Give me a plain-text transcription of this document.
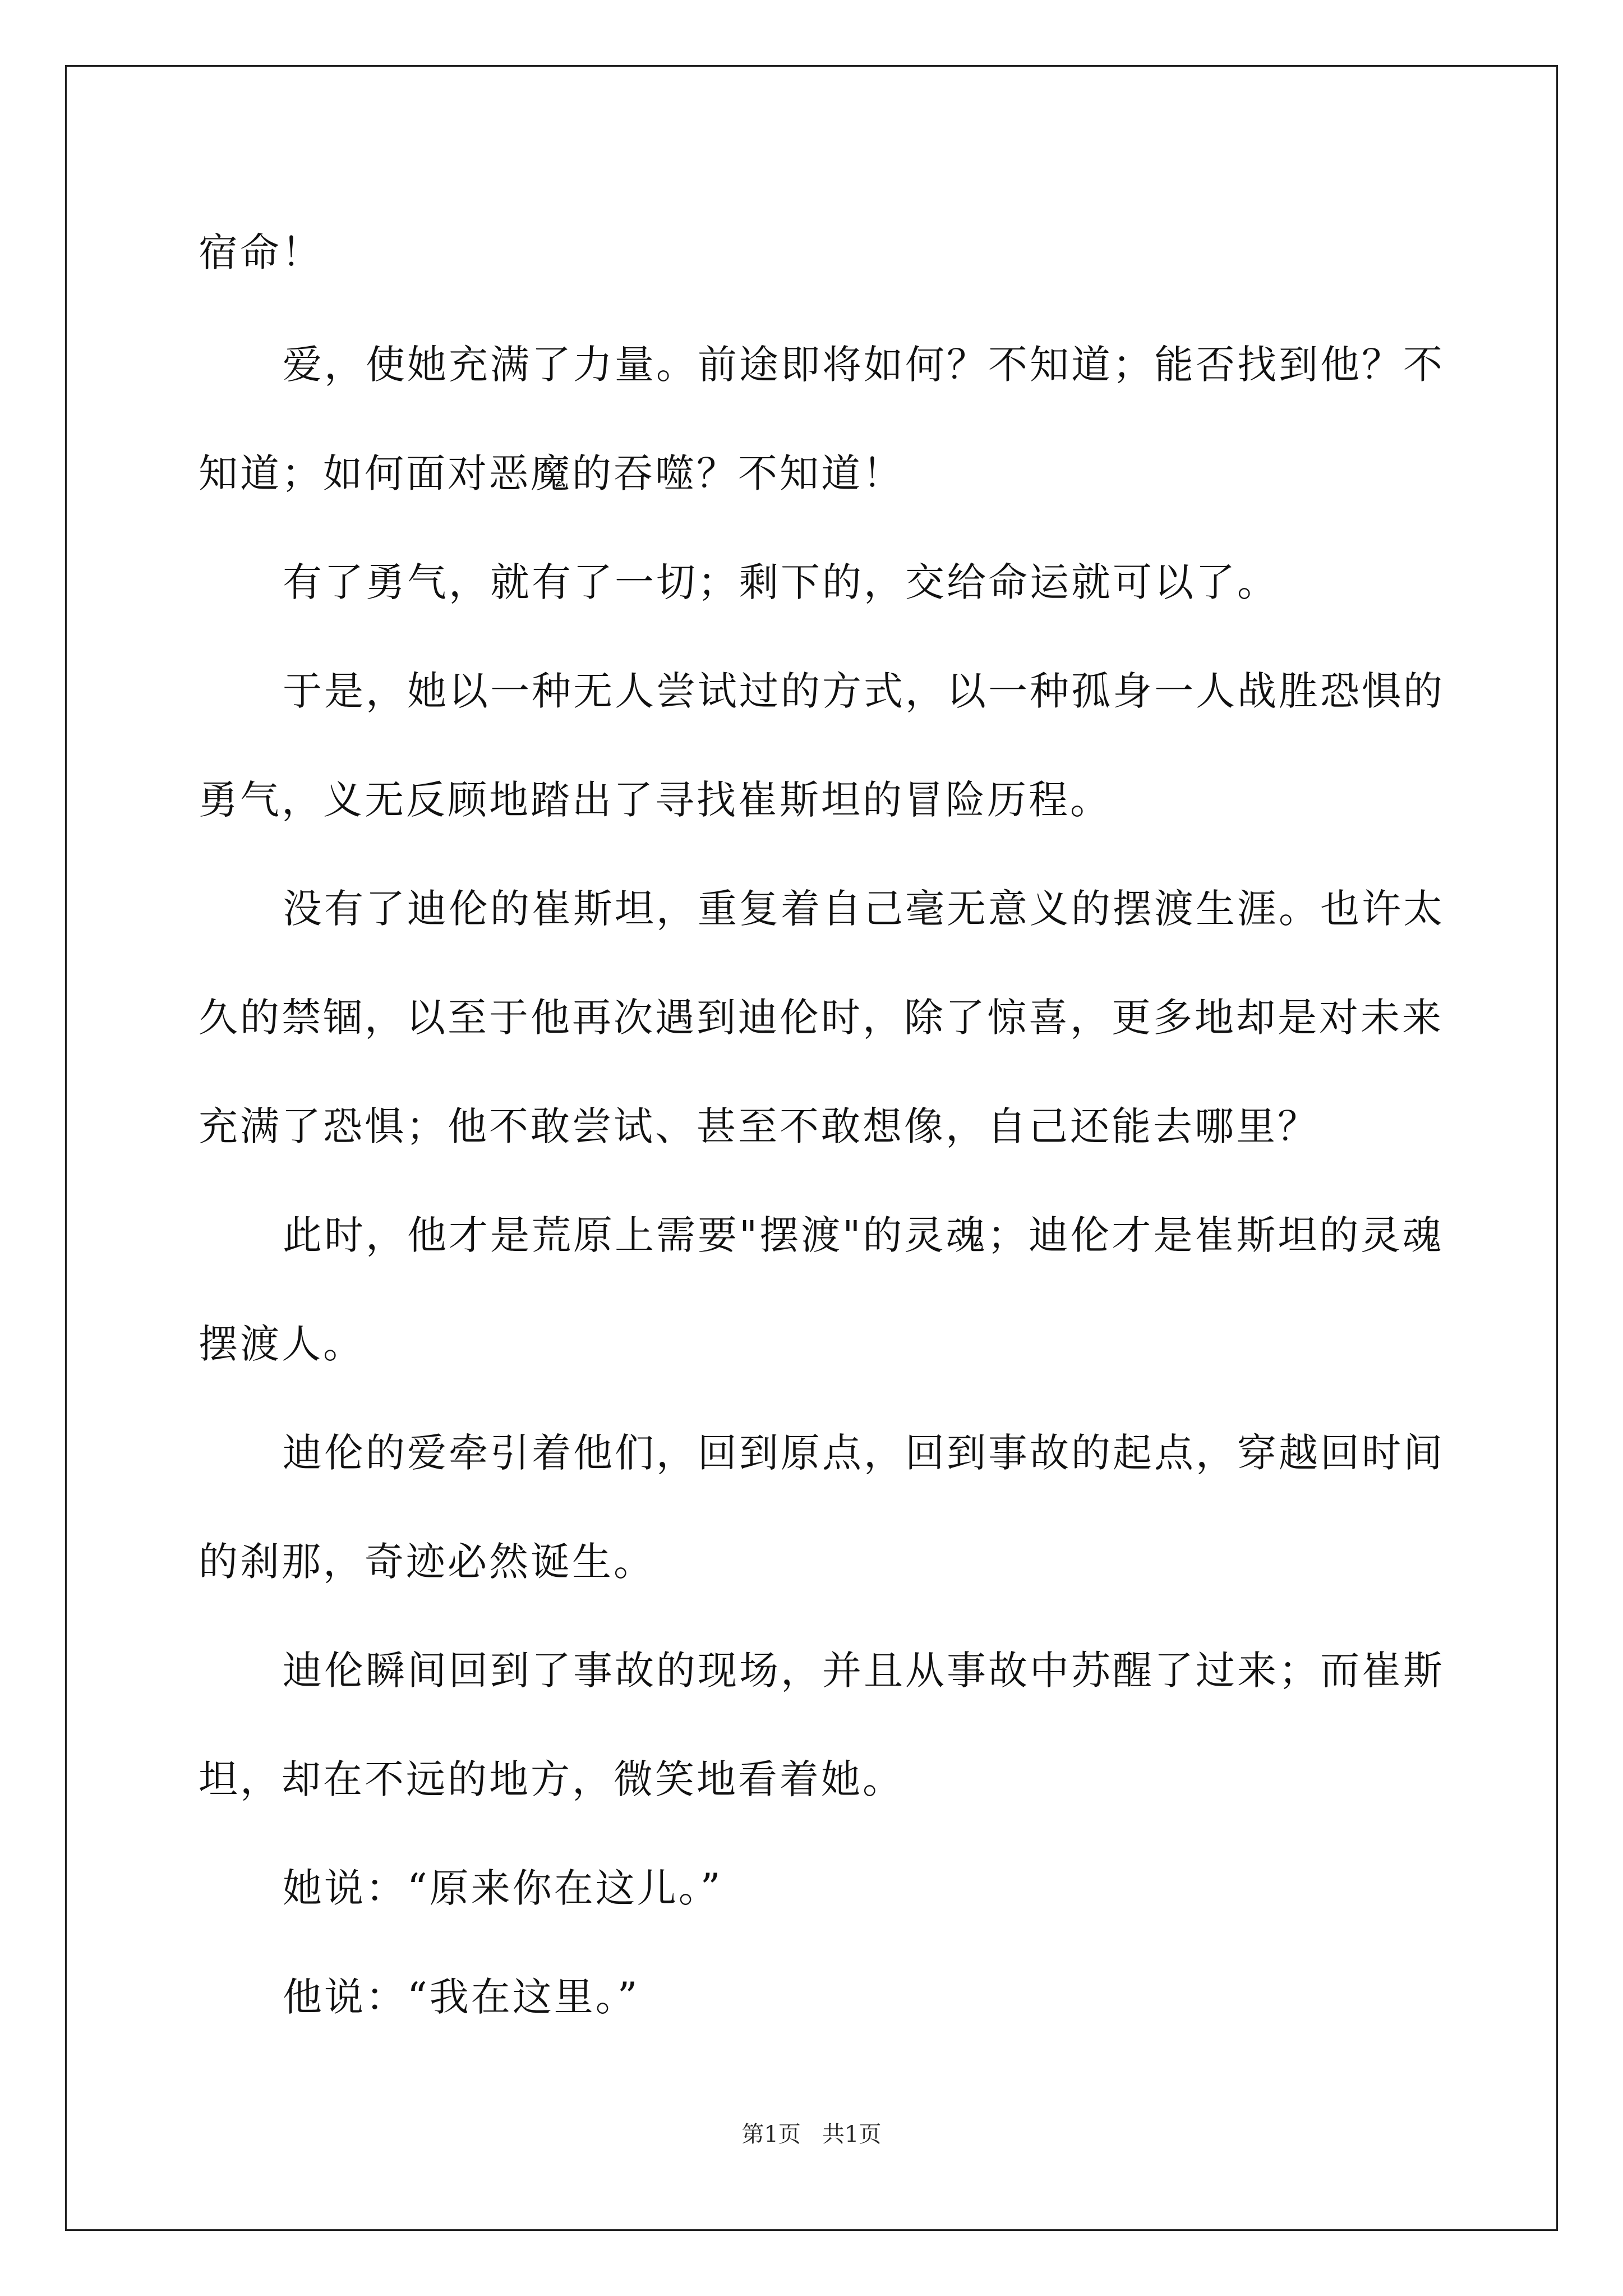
宿命！
爱，使她充满了力量。前途即将如何？不知道；能否找到他？不
知道；如何面对恶魔的吞噬？不知道！
有了勇气，就有了一切；剩下的，交给命运就可以了。
于是，她以一种无人尝试过的方式，以一种孤身一人战胜恐惧的
勇气，义无反顾地踏出了寻找崔斯坦的冒险历程。
没有了迪伦的崔斯坦，重复着自己毫无意义的摆渡生涯。也许太
久的禁锢，以至于他再次遇到迪伦时，除了惊喜，更多地却是对未来
充满了恐惧；他不敢尝试、甚至不敢想像，自己还能去哪里？
此时，他才是荒原上需要"摆渡"的灵魂；迪伦才是崔斯坦的灵魂
摆渡人。
迪伦的爱牵引着他们，回到原点，回到事故的起点，穿越回时间
的刹那，奇迹必然诞生。
迪伦瞬间回到了事故的现场，并且从事故中苏醒了过来；而崔斯
坦，却在不远的地方，微笑地看着她。
她说：“原来你在这儿。”
他说：“我在这里。”
第1页   共1页
